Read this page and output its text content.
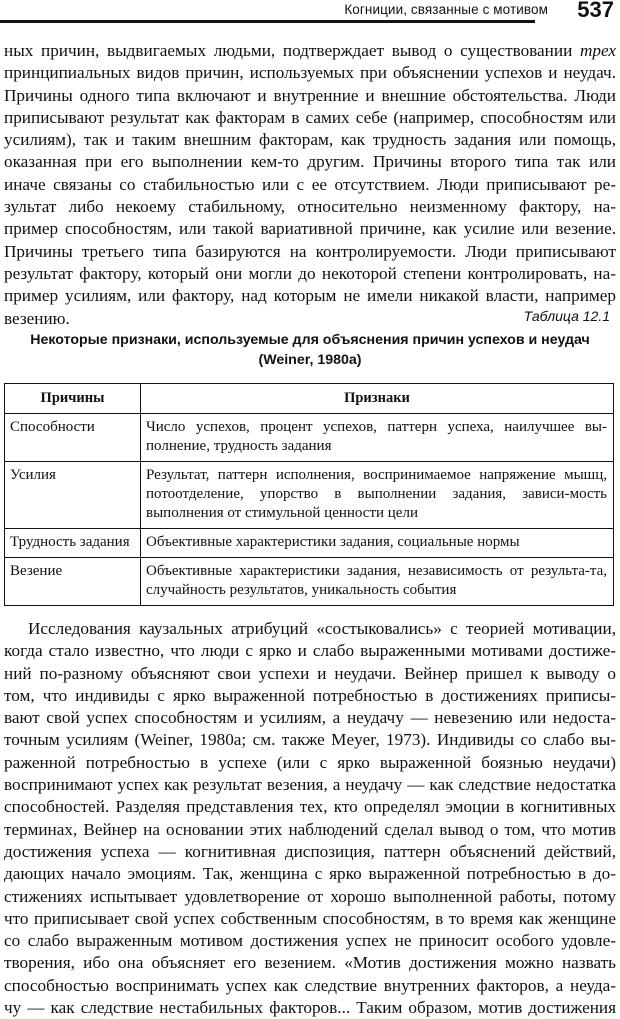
Когниции, связанные с мотивом 537
ных причин, выдвигаемых людьми, подтверждает вывод о существовании трех
принципиальных видов причин, используемых при объяснении успехов и неудач.
Причины одного типа включают и внутренние и внешние обстоятельства. Люди
приписывают результат как факторам в самих себе (например, способностям или
усилиям), так и таким внешним факторам, как трудность задания или помощь,
оказанная при его выполнении кем-то другим. Причины второго типа так или
иначе связаны со стабильностью или с ее отсутствием. Люди приписывают ре-
зультат либо некоему стабильному, относительно неизменному фактору, на-
пример способностям, или такой вариативной причине, как усилие или везение.
Причины третьего типа базируются на контролируемости. Люди приписывают
результат фактору, который они могли до некоторой степени контролировать, на-
пример усилиям, или фактору, над которым не имели никакой власти, например
везению.	Таблица 12.1
Некоторые признаки, используемые для объяснения причин успехов и неудач
(Weiner, 1980a)
Причины	Признаки
Способности	Число успехов, процент успехов, паттерн успеха, наилучшее вы-полнение, трудность задания
Усилия	Результат, паттерн исполнения, воспринимаемое напряжение мышц, потоотделение, упорство в выполнении задания, зависи-мость выполнения от стимульной ценности цели
Трудность задания	Объективные характеристики задания, социальные нормы
Везение	Объективные характеристики задания, независимость от результа-та, случайность результатов, уникальность события
Исследования каузальных атрибуций «состыковались» с теорией мотивации,
когда стало известно, что люди с ярко и слабо выраженными мотивами достиже-
ний по-разному объясняют свои успехи и неудачи. Вейнер пришел к выводу о
том, что индивиды с ярко выраженной потребностью в достижениях приписы-
вают свой успех способностям и усилиям, а неудачу — невезению или недоста-
точным усилиям (Weiner, 1980a; см. также Meyer, 1973). Индивиды со слабо вы-
раженной потребностью в успехе (или с ярко выраженной боязнью неудачи)
воспринимают успех как результат везения, а неудачу — как следствие недостатка
способностей. Разделяя представления тех, кто определял эмоции в когнитивных
терминах, Вейнер на основании этих наблюдений сделал вывод о том, что мотив
достижения успеха — когнитивная диспозиция, паттерн объяснений действий,
дающих начало эмоциям. Так, женщина с ярко выраженной потребностью в до-
стижениях испытывает удовлетворение от хорошо выполненной работы, потому
что приписывает свой успех собственным способностям, в то время как женщине
со слабо выраженным мотивом достижения успех не приносит особого удовле-
творения, ибо она объясняет его везением. «Мотив достижения можно назвать
способностью воспринимать успех как следствие внутренних факторов, а неуда-
чу — как следствие нестабильных факторов... Таким образом, мотив достижения
